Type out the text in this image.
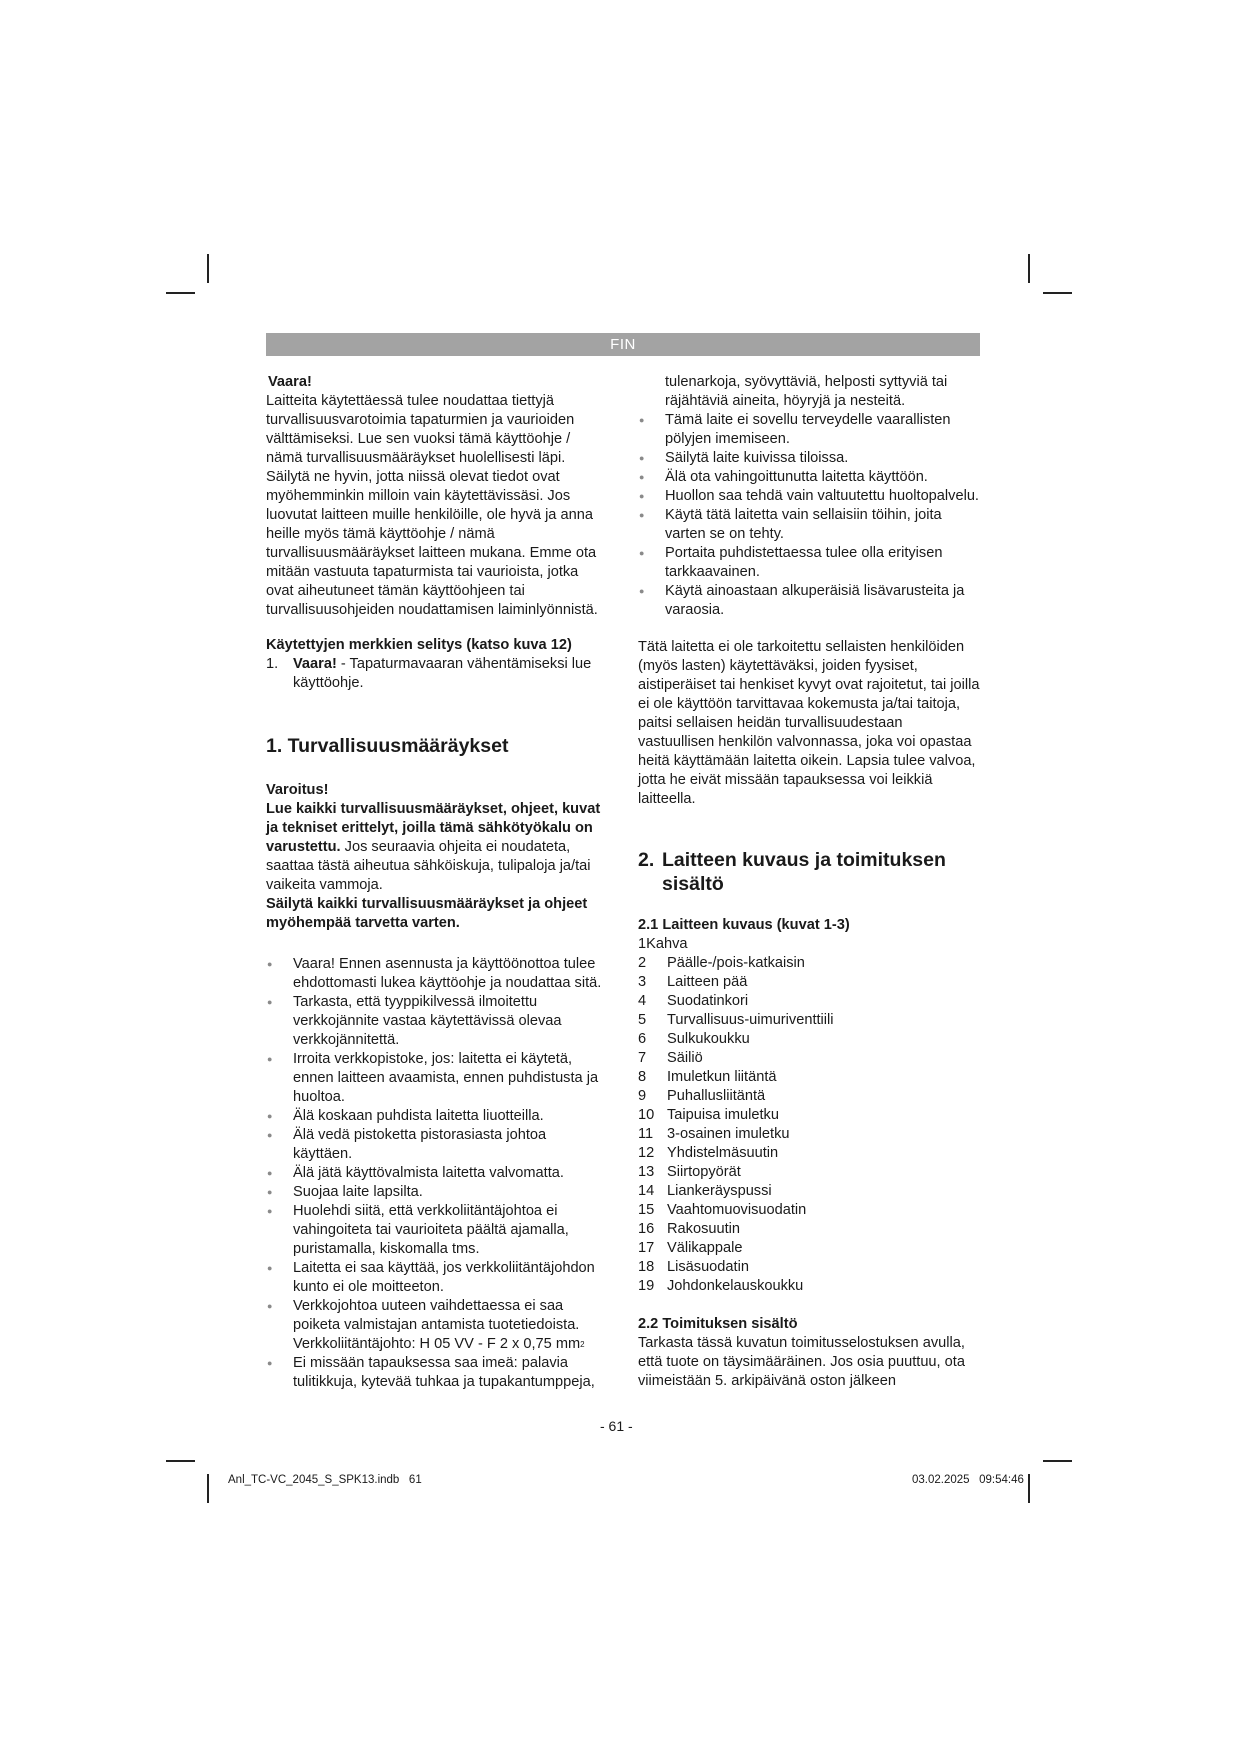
FIN

Vaara!

Laitteita käytettäessä tulee noudattaa tiettyjä turvallisuusvarotoimia tapaturmien ja vaurioiden välttämiseksi. Lue sen vuoksi tämä käyttöohje / nämä turvallisuusmääräykset huolellisesti läpi. Säilytä ne hyvin, jotta niissä olevat tiedot ovat myöhemminkin milloin vain käytettävissäsi. Jos luovutat laitteen muille henkilöille, ole hyvä ja anna heille myös tämä käyttöohje / nämä turvallisuusmääräykset laitteen mukana. Emme ota mitään vastuuta tapaturmista tai vaurioista, jotka ovat aiheutuneet tämän käyttöohjeen tai turvallisuusohjeiden noudattamisen laiminlyönnistä.

Käytettyjen merkkien selitys (katso kuva 12)

1.	Vaara! - Tapaturmavaaran vähentämiseksi lue käyttöohje.
1. Turvallisuusmääräykset

Varoitus!

Lue kaikki turvallisuusmääräykset, ohjeet, kuvat ja tekniset erittelyt, joilla tämä sähkötyökalu on varustettu. Jos seuraavia ohjeita ei noudateta, saattaa tästä aiheutua sähköiskuja, tulipaloja ja/tai vaikeita vammoja.

Säilytä kaikki turvallisuusmääräykset ja ohjeet myöhempää tarvetta varten.

● Vaara! Ennen asennusta ja käyttöönottoa tulee ehdottomasti lukea käyttöohje ja noudattaa sitä.
● Tarkasta, että tyyppikilvessä ilmoitettu verkkojännite vastaa käytettävissä olevaa verkkojännitettä.
● Irroita verkkopistoke, jos: laitetta ei käytetä, ennen laitteen avaamista, ennen puhdistusta ja huoltoa.
● Älä koskaan puhdista laitetta liuotteilla.
● Älä vedä pistoketta pistorasiasta johtoa käyttäen.
● Älä jätä käyttövalmista laitetta valvomatta.
● Suojaa laite lapsilta.
● Huolehdi siitä, että verkkoliitäntäjohtoa ei vahingoiteta tai vaurioiteta päältä ajamalla, puristamalla, kiskomalla tms.
● Laitetta ei saa käyttää, jos verkkoliitäntäjohdon kunto ei ole moitteeton.
● Verkkojohtoa uuteen vaihdettaessa ei saa poiketa valmistajan antamista tuotetiedoista. Verkkoliitäntäjohto: H 05 VV - F 2 x 0,75 $mm^2$
● Ei missään tapauksessa saa imeä: palavia tulitikkuja, kytevää tuhkaa ja tupakantumppeja,

tulenarkoja, syövyttäviä, helposti syttyviä tai räjähtäviä aineita, höyryjä ja nesteitä.

● Tämä laite ei sovellu terveydelle vaarallisten pölyjen imemiseen.
● Säilytä laite kuivissa tiloissa.
● Älä ota vahingoittunutta laitetta käyttöön.
● Huollon saa tehdä vain valtuutettu huoltopalvelu.
● Käytä tätä laitetta vain sellaisiin töihin, joita varten se on tehty.
● Portaita puhdistettaessa tulee olla erityisen tarkkaavainen.
● Käytä ainoastaan alkuperäisiä lisävarusteita ja varaosia.

Tätä laitetta ei ole tarkoitettu sellaisten henkilöiden (myös lasten) käytettäväksi, joiden fyysiset, aistiperäiset tai henkiset kyvyt ovat rajoitetut, tai joilla ei ole käyttöön tarvittavaa kokemusta ja/tai taitoja, paitsi sellaisen heidän turvallisuudestaan vastuullisen henkilön valvonnassa, joka voi opastaa heitä käyttämään laitetta oikein. Lapsia tulee valvoa, jotta he eivät missään tapauksessa voi leikkiä laitteella.

2. Laitteen kuvaus ja toimituksen sisältö

2.1 Laitteen kuvaus (kuvat 1-3)

1Kahva

2	Päälle-/pois-katkaisin
3	Laitteen pää
4	Suodatinkori
5	Turvallisuus-uimuriventtiili
6	Sulkukoukku
7	Säiliö
8	Imuletkun liitäntä
9	Puhallusliitäntä
10 Taipuisa imuletku
11 3-osainen imuletku
12 Yhdistelmäsuutin
13 Siirtopyörät
14 Liankeräyspussi
15 Vaahtomuovisuodatin
16 Rakosuutin
17 Välikappale
18 Lisäsuodatin
19 Johdonkelauskoukku

2.2 Toimituksen sisältö

Tarkasta tässä kuvatun toimitusselostuksen avulla, että tuote on täysimääräinen. Jos osia puuttuu, ota viimeistään 5. arkipäivänä oston jälkeen

- 61 -
Anl_TC-VC_2045_S_SPK13.indb   61	03.02.2025   09:54:46
